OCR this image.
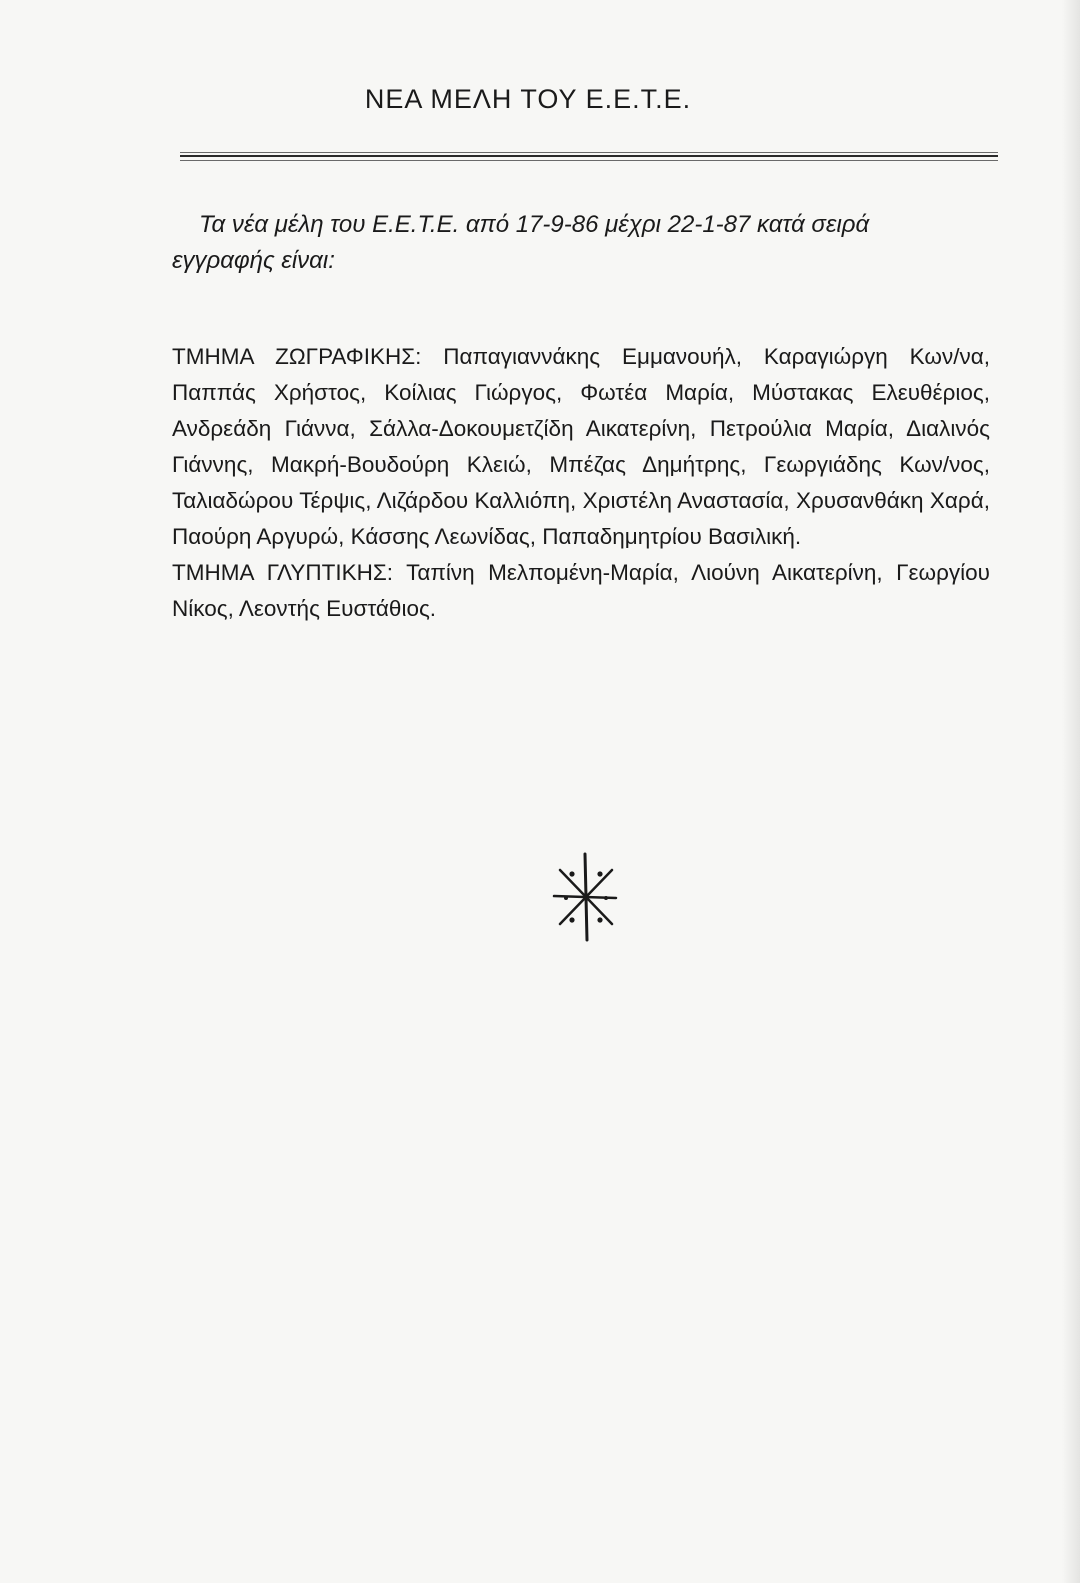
ΝΕΑ ΜΕΛΗ ΤΟΥ Ε.Ε.Τ.Ε.
Τα νέα μέλη του Ε.Ε.Τ.Ε. από 17-9-86 μέχρι 22-1-87 κατά σειρά
εγγραφής είναι:

ΤΜΗΜΑ ΖΩΓΡΑΦΙΚΗΣ: Παπαγιαννάκης Εμμανουήλ, Καραγιώργη Κων/να, Παππάς Χρήστος, Κοίλιας Γιώργος, Φωτέα Μαρία, Μύστακας Ελευθέριος, Ανδρεάδη Γιάννα, Σάλλα-Δοκουμετζίδη Αικατερίνη, Πετρούλια Μαρία, Διαλινός Γιάννης, Μακρή-Βουδούρη Κλειώ, Μπέζας Δημήτρης, Γεωργιάδης Κων/νος, Ταλιαδώρου Τέρψις, Λιζάρδου Καλλιόπη, Χριστέλη Αναστασία, Χρυσανθάκη Χαρά, Παούρη Αργυρώ, Κάσσης Λεωνίδας, Παπαδημητρίου Βασιλική.

ΤΜΗΜΑ ΓΛΥΠΤΙΚΗΣ: Ταπίνη Μελπομένη-Μαρία, Λιούνη Αικατερίνη, Γεωργίου Νίκος, Λεοντής Ευστάθιος.
